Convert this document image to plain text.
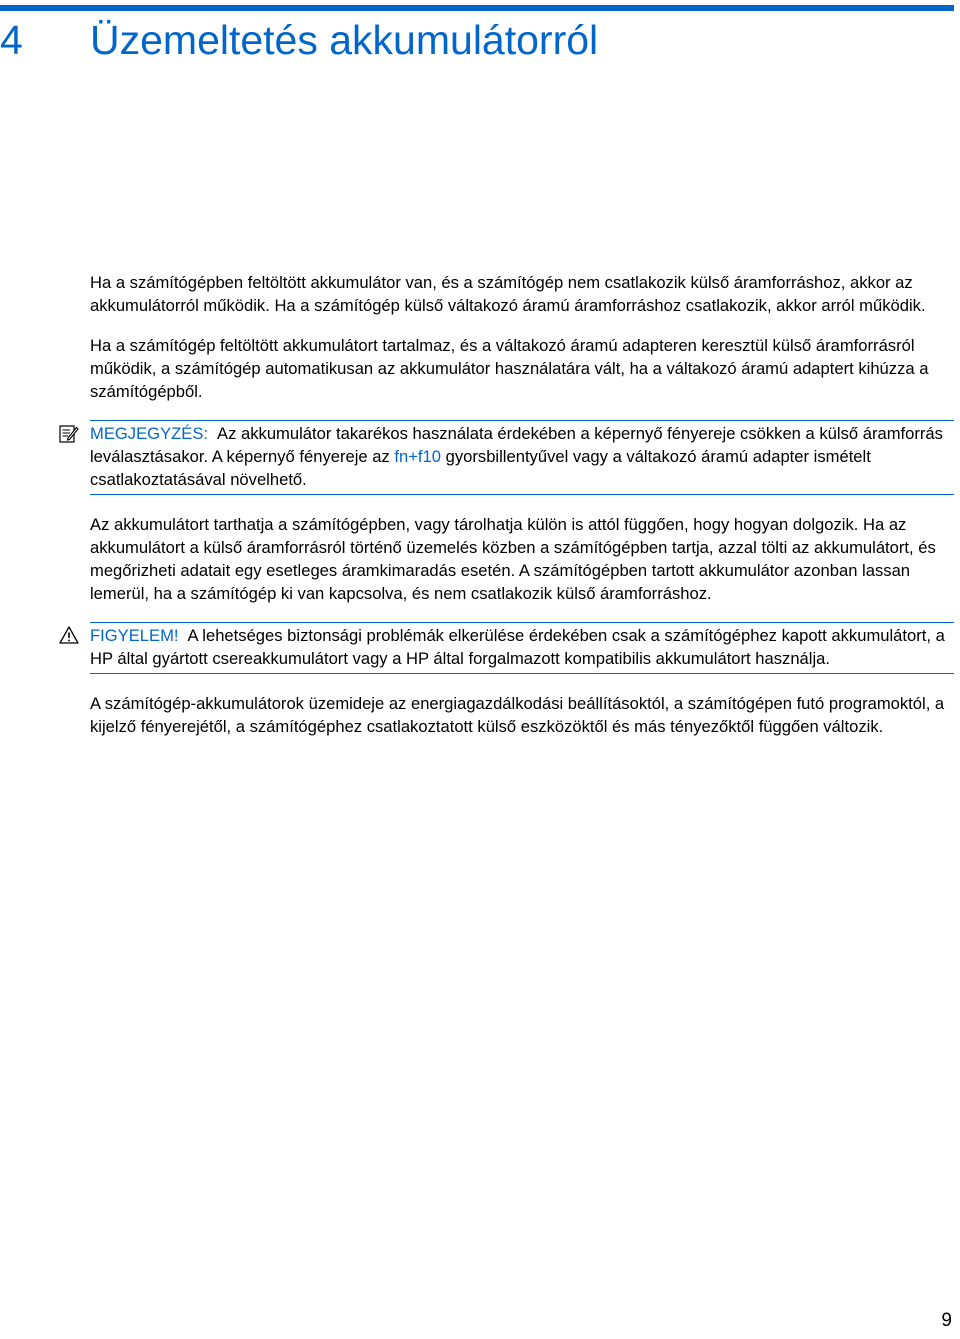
4 Üzemeltetés akkumulátorról

Ha a számítógépben feltöltött akkumulátor van, és a számítógép nem csatlakozik külső áramforráshoz, akkor az akkumulátorról működik. Ha a számítógép külső váltakozó áramú áramforráshoz csatlakozik, akkor arról működik.

Ha a számítógép feltöltött akkumulátort tartalmaz, és a váltakozó áramú adapteren keresztül külső áramforrásról működik, a számítógép automatikusan az akkumulátor használatára vált, ha a váltakozó áramú adaptert kihúzza a számítógépből.

MEGJEGYZÉS: Az akkumulátor takarékos használata érdekében a képernyő fényereje csökken a külső áramforrás leválasztásakor. A képernyő fényereje az fn+f10 gyorsbillentyűvel vagy a váltakozó áramú adapter ismételt csatlakoztatásával növelhető.

Az akkumulátort tarthatja a számítógépben, vagy tárolhatja külön is attól függően, hogy hogyan dolgozik. Ha az akkumulátort a külső áramforrásról történő üzemelés közben a számítógépben tartja, azzal tölti az akkumulátort, és megőrizheti adatait egy esetleges áramkimaradás esetén. A számítógépben tartott akkumulátor azonban lassan lemerül, ha a számítógép ki van kapcsolva, és nem csatlakozik külső áramforráshoz.

FIGYELEM! A lehetséges biztonsági problémák elkerülése érdekében csak a számítógéphez kapott akkumulátort, a HP által gyártott csereakkumulátort vagy a HP által forgalmazott kompatibilis akkumulátort használja.

A számítógép-akkumulátorok üzemideje az energiagazdálkodási beállításoktól, a számítógépen futó programoktól, a kijelző fényerejétől, a számítógéphez csatlakoztatott külső eszközöktől és más tényezőktől függően változik.

9
